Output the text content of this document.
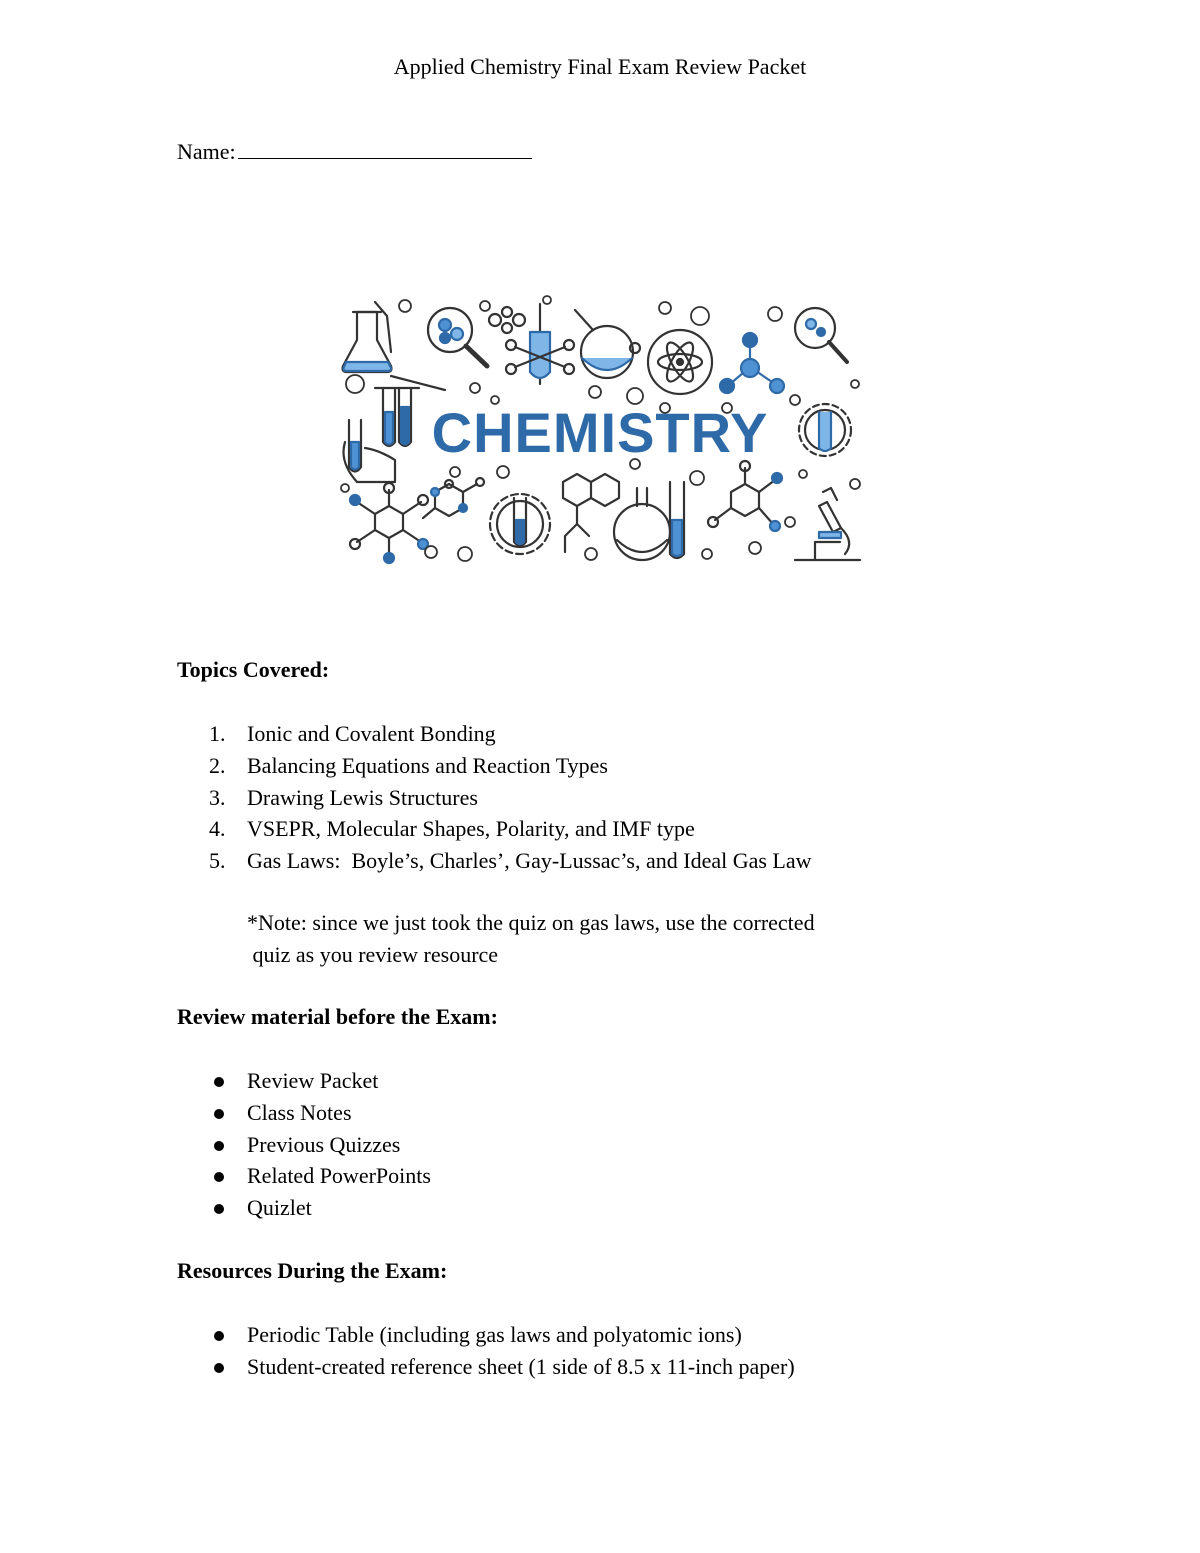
Applied Chemistry Final Exam Review Packet
Name:
CHEMISTRY
Topics Covered:
1. Ionic and Covalent Bonding
2. Balancing Equations and Reaction Types
3. Drawing Lewis Structures
4. VSEPR, Molecular Shapes, Polarity, and IMF type
5. Gas Laws:  Boyle’s, Charles’, Gay-Lussac’s, and Ideal Gas Law
*Note: since we just took the quiz on gas laws, use the corrected
quiz as you review resource
Review material before the Exam:
Review Packet
Class Notes
Previous Quizzes
Related PowerPoints
Quizlet
Resources During the Exam:
Periodic Table (including gas laws and polyatomic ions)
Student-created reference sheet (1 side of 8.5 x 11-inch paper)
